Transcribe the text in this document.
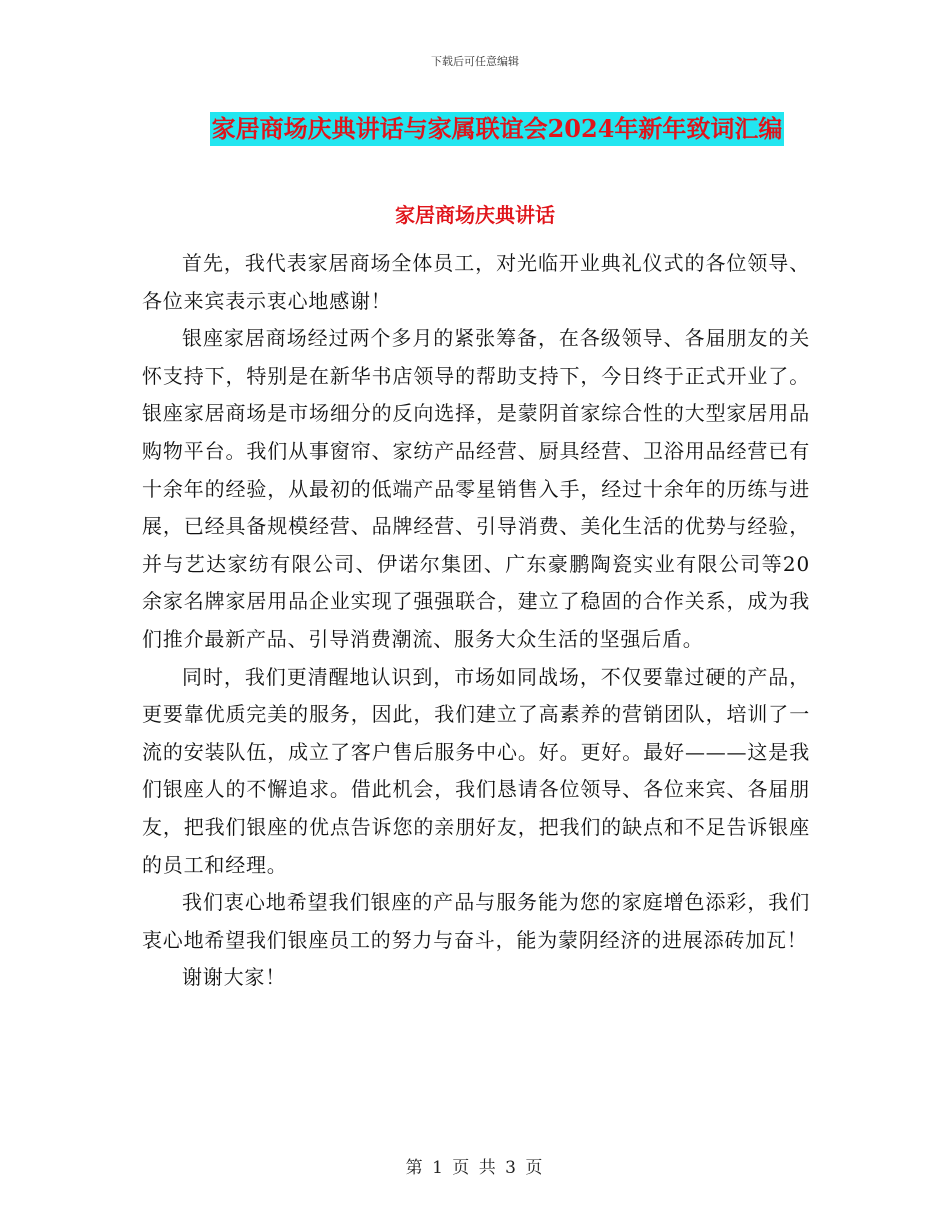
下载后可任意编辑
家居商场庆典讲话与家属联谊会2024年新年致词汇编
家居商场庆典讲话

首先，我代表家居商场全体员工，对光临开业典礼仪式的各位领导、各位来宾表示衷心地感谢！

银座家居商场经过两个多月的紧张筹备，在各级领导、各届朋友的关怀支持下，特别是在新华书店领导的帮助支持下，今日终于正式开业了。银座家居商场是市场细分的反向选择，是蒙阴首家综合性的大型家居用品购物平台。我们从事窗帘、家纺产品经营、厨具经营、卫浴用品经营已有十余年的经验，从最初的低端产品零星销售入手，经过十余年的历练与进展，已经具备规模经营、品牌经营、引导消费、美化生活的优势与经验，并与艺达家纺有限公司、伊诺尔集团、广东豪鹏陶瓷实业有限公司等20余家名牌家居用品企业实现了强强联合，建立了稳固的合作关系，成为我们推介最新产品、引导消费潮流、服务大众生活的坚强后盾。

同时，我们更清醒地认识到，市场如同战场，不仅要靠过硬的产品，更要靠优质完美的服务，因此，我们建立了高素养的营销团队，培训了一流的安装队伍，成立了客户售后服务中心。好。更好。最好———这是我们银座人的不懈追求。借此机会，我们恳请各位领导、各位来宾、各届朋友，把我们银座的优点告诉您的亲朋好友，把我们的缺点和不足告诉银座的员工和经理。

我们衷心地希望我们银座的产品与服务能为您的家庭增色添彩，我们衷心地希望我们银座员工的努力与奋斗，能为蒙阴经济的进展添砖加瓦！

谢谢大家！

第 1 页 共 3 页
